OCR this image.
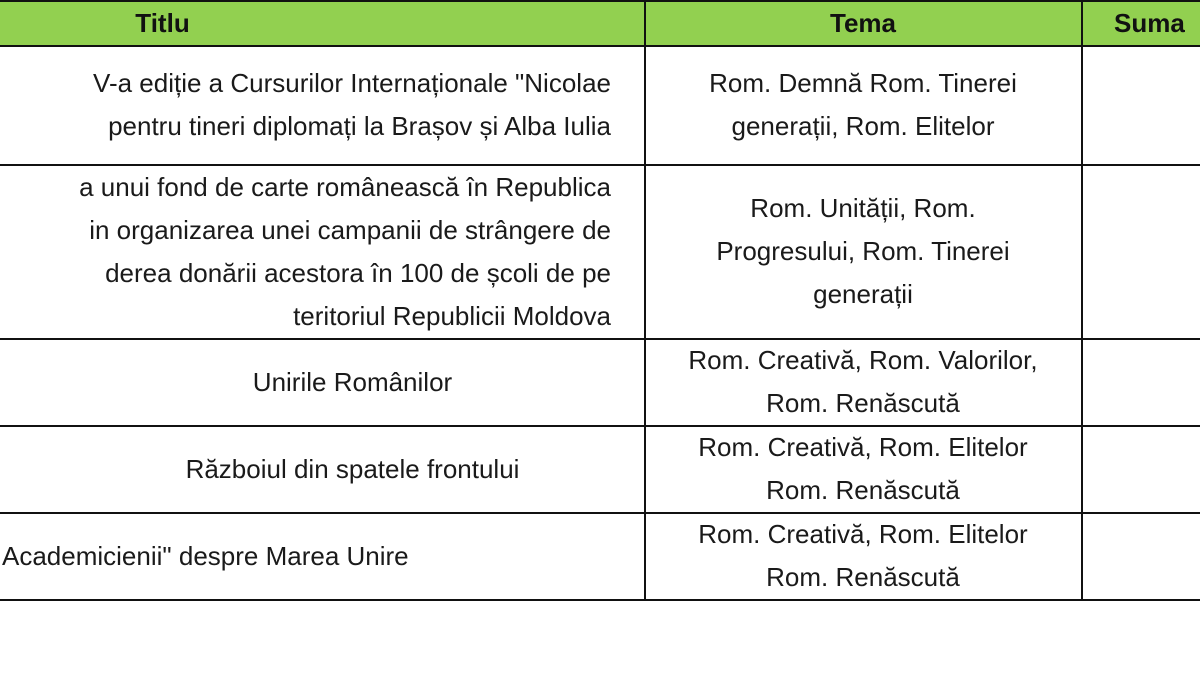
Titlu	Tema	Suma
V-a ediție a Cursurilor Internaționale "Nicolae
pentru tineri diplomați la Brașov și Alba Iulia
Rom. Demnă Rom. Tinerei
generații, Rom. Elitelor
a unui fond de carte românească în Republica
in organizarea unei campanii de strângere de
derea donării acestora în 100 de școli de pe
teritoriul Republicii Moldova
Rom. Unității, Rom.
Progresului, Rom. Tinerei
generații
Unirile Românilor
Rom. Creativă, Rom. Valorilor,
Rom. Renăscută
Războiul din spatele frontului
Rom. Creativă, Rom. Elitelor
Rom. Renăscută
Academicienii" despre Marea Unire
Rom. Creativă, Rom. Elitelor
Rom. Renăscută
